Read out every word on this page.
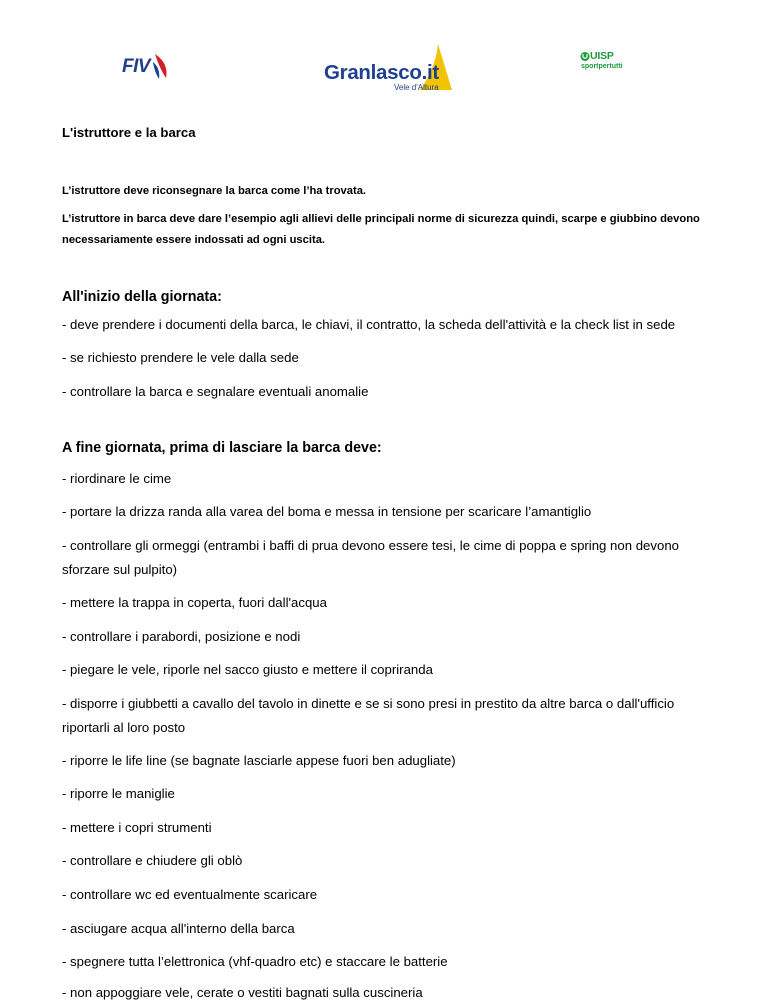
FIV	Granlasco.it
Vele d'Altura
UISP
sportpertutti

L'istruttore e la barca

L’istruttore deve riconsegnare la barca come l’ha trovata.

L’istruttore in barca deve dare l’esempio agli allievi delle principali norme di sicurezza quindi, scarpe e giubbino devono necessariamente essere indossati ad ogni uscita.

All'inizio della giornata:

- deve prendere i documenti della barca, le chiavi, il contratto, la scheda dell'attività e la check list in sede

- se richiesto prendere le vele dalla sede

- controllare la barca e segnalare eventuali anomalie

A fine giornata, prima di lasciare la barca deve:

- riordinare le cime

- portare la drizza randa alla varea del boma e messa in tensione per scaricare l’amantiglio

- controllare gli ormeggi (entrambi i baffi di prua devono essere tesi, le cime di poppa e spring non devono sforzare sul pulpito)

- mettere la trappa in coperta, fuori dall'acqua

- controllare i parabordi, posizione e nodi

- piegare le vele, riporle nel sacco giusto e mettere il copriranda

- disporre i giubbetti a cavallo del tavolo in dinette e se si sono presi in prestito da altre barca o dall'ufficio riportarli al loro posto

- riporre le life line (se bagnate lasciarle appese fuori ben adugliate)

- riporre le maniglie

- mettere i copri strumenti

- controllare e chiudere gli oblò

- controllare wc ed eventualmente scaricare

- asciugare acqua all'interno della barca

- spegnere tutta l’elettronica (vhf-quadro etc) e staccare le batterie

- non appoggiare vele, cerate o vestiti bagnati sulla cuscineria
